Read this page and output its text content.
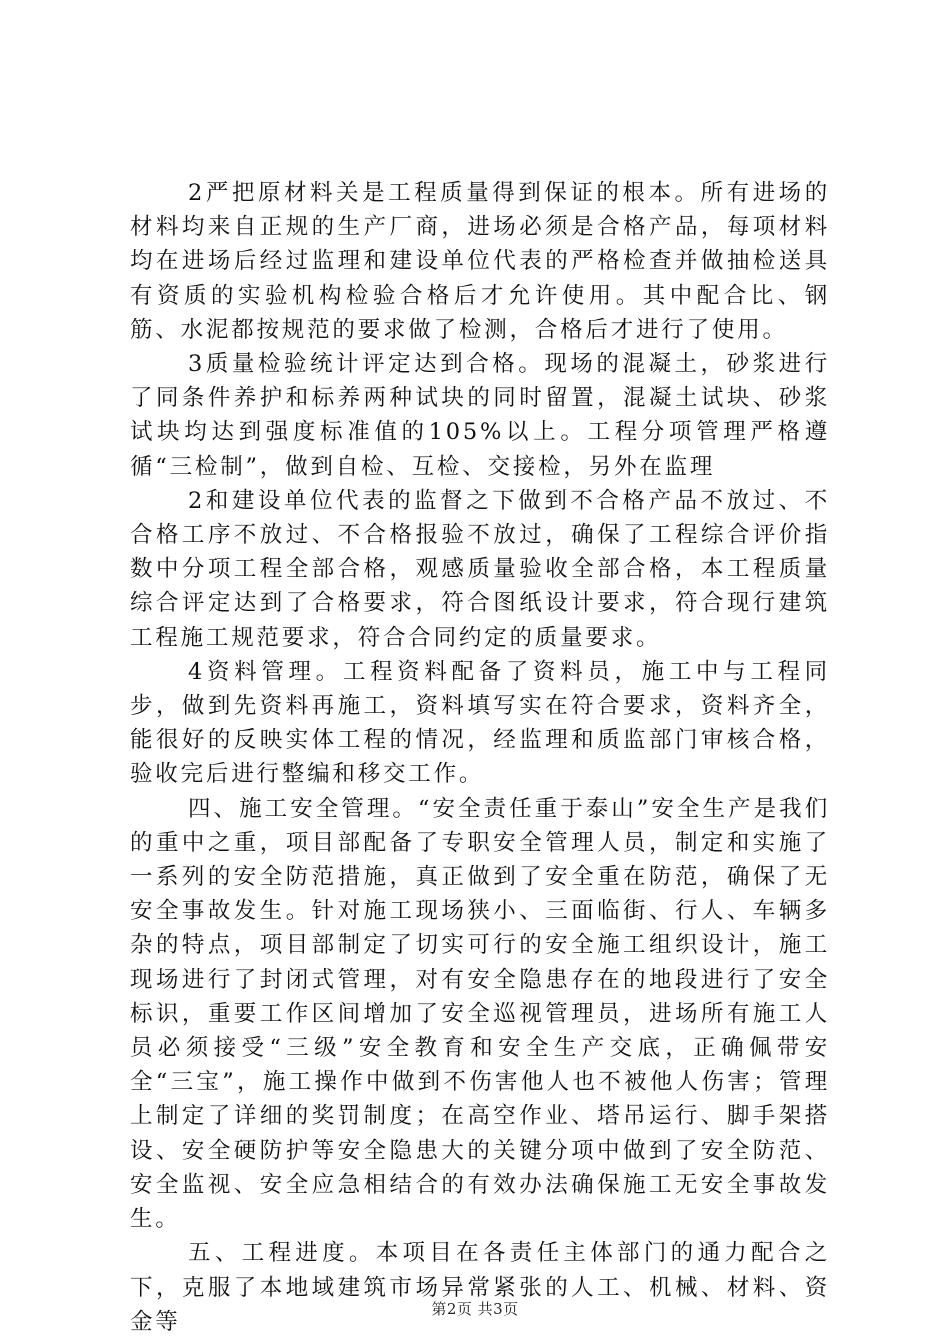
2严把原材料关是工程质量得到保证的根本。所有进场的材料均来自正规的生产厂商，进场必须是合格产品，每项材料均在进场后经过监理和建设单位代表的严格检查并做抽检送具有资质的实验机构检验合格后才允许使用。其中配合比、钢筋、水泥都按规范的要求做了检测，合格后才进行了使用。

3质量检验统计评定达到合格。现场的混凝土，砂浆进行了同条件养护和标养两种试块的同时留置，混凝土试块、砂浆试块均达到强度标准值的105%以上。工程分项管理严格遵循“三检制”，做到自检、互检、交接检，另外在监理

2和建设单位代表的监督之下做到不合格产品不放过、不合格工序不放过、不合格报验不放过，确保了工程综合评价指数中分项工程全部合格，观感质量验收全部合格，本工程质量综合评定达到了合格要求，符合图纸设计要求，符合现行建筑工程施工规范要求，符合合同约定的质量要求。

4资料管理。工程资料配备了资料员，施工中与工程同步，做到先资料再施工，资料填写实在符合要求，资料齐全，能很好的反映实体工程的情况，经监理和质监部门审核合格，验收完后进行整编和移交工作。

四、施工安全管理。“安全责任重于泰山”安全生产是我们的重中之重，项目部配备了专职安全管理人员，制定和实施了一系列的安全防范措施，真正做到了安全重在防范，确保了无安全事故发生。针对施工现场狭小、三面临街、行人、车辆多杂的特点，项目部制定了切实可行的安全施工组织设计，施工现场进行了封闭式管理，对有安全隐患存在的地段进行了安全标识，重要工作区间增加了安全巡视管理员，进场所有施工人员必须接受“三级”安全教育和安全生产交底，正确佩带安全“三宝”，施工操作中做到不伤害他人也不被他人伤害；管理上制定了详细的奖罚制度；在高空作业、塔吊运行、脚手架搭设、安全硬防护等安全隐患大的关键分项中做到了安全防范、安全监视、安全应急相结合的有效办法确保施工无安全事故发生。

五、工程进度。本项目在各责任主体部门的通力配合之下，克服了本地域建筑市场异常紧张的人工、机械、材料、资金等	第2页 共3页
